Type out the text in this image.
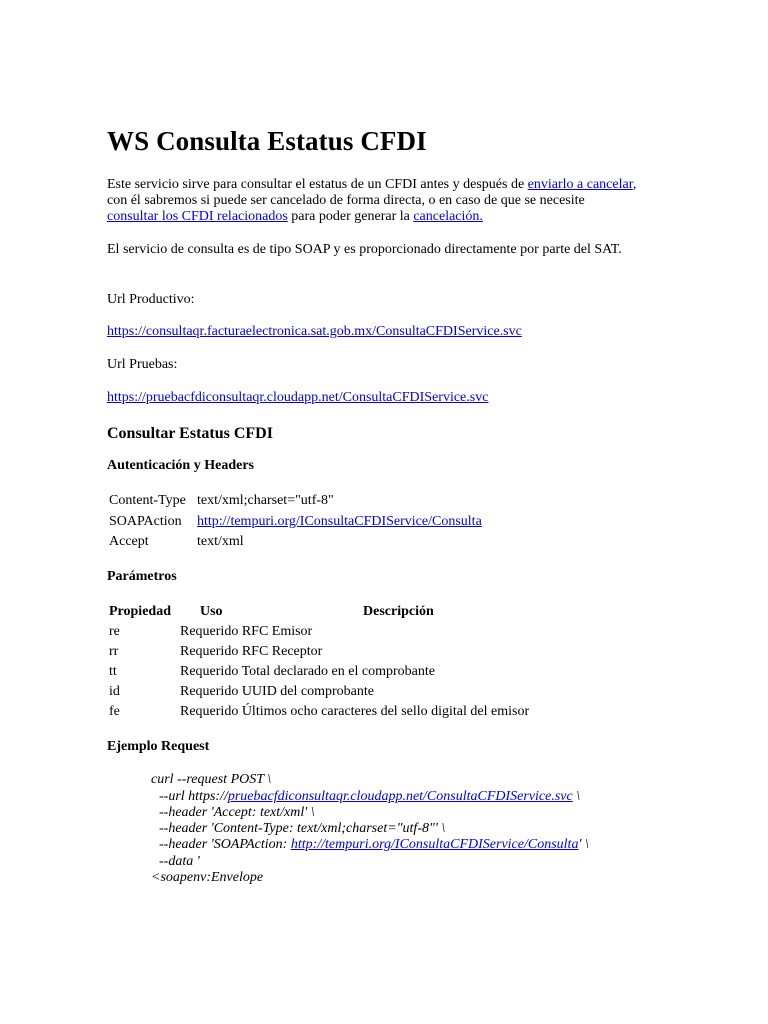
WS Consulta Estatus CFDI

Este servicio sirve para consultar el estatus de un CFDI antes y después de enviarlo a cancelar, con él sabremos si puede ser cancelado de forma directa, o en caso de que se necesite consultar los CFDI relacionados para poder generar la cancelación.

El servicio de consulta es de tipo SOAP y es proporcionado directamente por parte del SAT.

Url Productivo:
https://consultaqr.facturaelectronica.sat.gob.mx/ConsultaCFDIService.svc
Url Pruebas:
https://pruebacfdiconsultaqr.cloudapp.net/ConsultaCFDIService.svc
Consultar Estatus CFDI
Autenticación y Headers
Content-Type text/xml;charset="utf-8"
SOAPAction http://tempuri.org/IConsultaCFDIService/Consulta
Accept	text/xml
Parámetros
Propiedad Uso	Descripción
re	Requerido RFC Emisor
rr	Requerido RFC Receptor
tt	Requerido Total declarado en el comprobante
id	Requerido UUID del comprobante
fe	Requerido Últimos ocho caracteres del sello digital del emisor
Ejemplo Request
curl --request POST \
--url https://pruebacfdiconsultaqr.cloudapp.net/ConsultaCFDIService.svc \
--header 'Accept: text/xml' \
--header 'Content-Type: text/xml;charset="utf-8"' \
--header 'SOAPAction: http://tempuri.org/IConsultaCFDIService/Consulta' \
--data '
<soapenv:Envelope
